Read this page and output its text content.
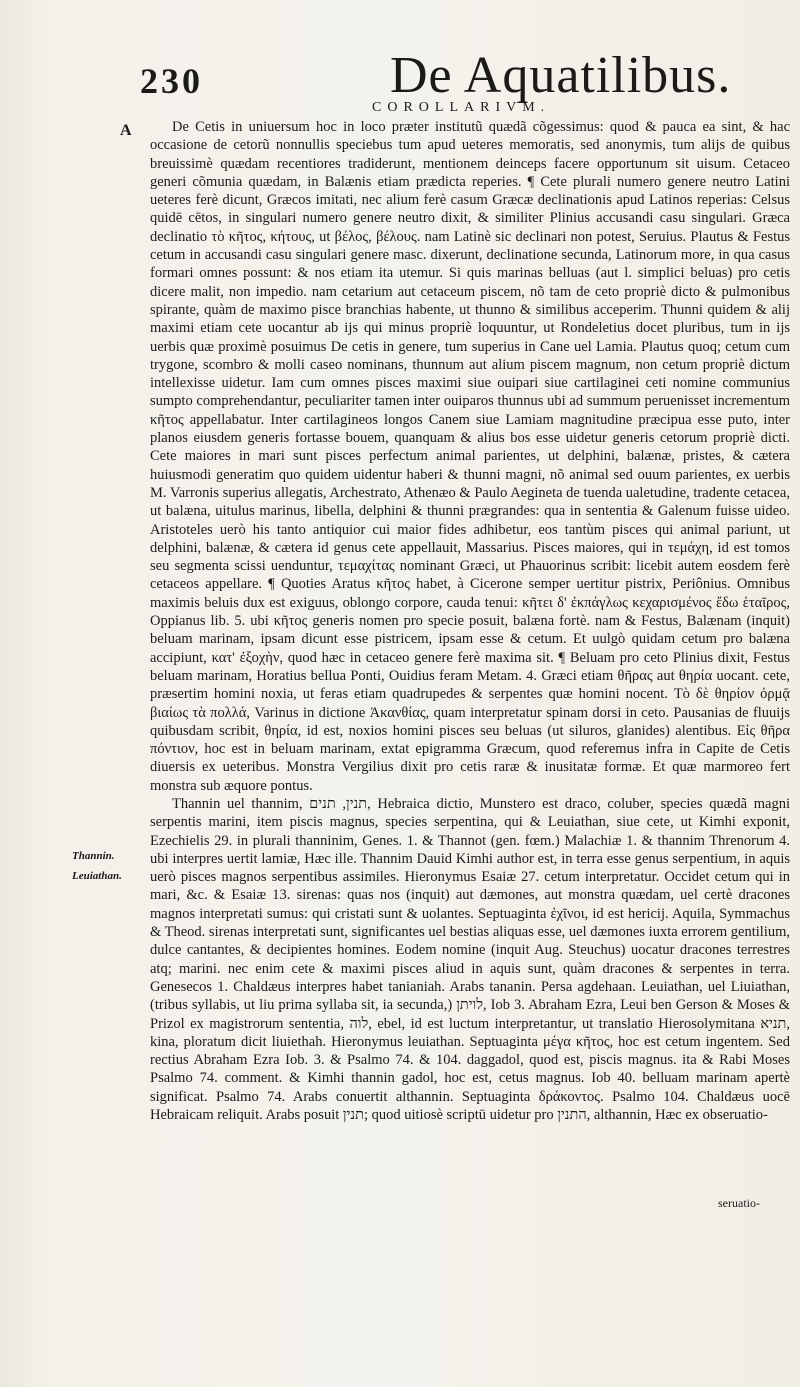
230	De Aquatilibus.
COROLLARIVM.
A
Thannin.
Leuiathan.

De Cetis in uniuersum hoc in loco præter institutũ quædã cõgessimus: quod & pauca ea sint, & hac occasione de cetorũ nonnullis speciebus tum apud ueteres memoratis, sed anonymis, tum alijs de quibus breuissimè quædam recentiores tradiderunt, mentionem deinceps facere opportunum sit uisum. Cetaceo generi cõmunia quædam, in Balænis etiam prædicta reperies. ¶ Cete plurali numero genere neutro Latini ueteres ferè dicunt, Græcos imitati, nec alium ferè casum Græcæ declinationis apud Latinos reperias: Celsus quidē cētos, in singulari numero genere neutro dixit, & similiter Plinius accusandi casu singulari. Græca declinatio τὸ κῆτος, κήτους, ut βέλος, βέλους. nam Latinè sic declinari non potest, Seruius. Plautus & Festus cetum in accusandi casu singulari genere masc. dixerunt, declinatione secunda, Latinorum more, in qua casus formari omnes possunt: & nos etiam ita utemur. Si quis marinas belluas (aut l. simplici beluas) pro cetis dicere malit, non impedio. nam cetarium aut cetaceum piscem, nõ tam de ceto propriè dicto & pulmonibus spirante, quàm de maximo pisce branchias habente, ut thunno & similibus acceperim. Thunni quidem & alij maximi etiam cete uocantur ab ijs qui minus propriè loquuntur, ut Rondeletius docet pluribus, tum in ijs uerbis quæ proximè posuimus De cetis in genere, tum superius in Cane uel Lamia. Plautus quoq; cetum cum trygone, scombro & molli caseo nominans, thunnum aut alium piscem magnum, non cetum propriè dictum intellexisse uidetur. Iam cum omnes pisces maximi siue ouipari siue cartilaginei ceti nomine communius sumpto comprehendantur, peculiariter tamen inter ouiparos thunnus ubi ad summum peruenisset incrementum κῆτος appellabatur. Inter cartilagineos longos Canem siue Lamiam magnitudine præcipua esse puto, inter planos eiusdem generis fortasse bouem, quanquam & alius bos esse uidetur generis cetorum propriè dicti. Cete maiores in mari sunt pisces perfectum animal parientes, ut delphini, balænæ, pristes, & cætera huiusmodi generatim quo quidem uidentur haberi & thunni magni, nõ animal sed ouum parientes, ex uerbis M. Varronis superius allegatis, Archestrato, Athenæo & Paulo Aegineta de tuenda ualetudine, tradente cetacea, ut balæna, uitulus marinus, libella, delphini & thunni prægrandes: qua in sententia & Galenum fuisse uideo. Aristoteles uerò his tanto antiquior cui maior fides adhibetur, eos tantùm pisces qui animal pariunt, ut delphini, balænæ, & cætera id genus cete appellauit, Massarius. Pisces maiores, qui in τεμάχη, id est tomos seu segmenta scissi uenduntur, τεμαχίτας nominant Græci, ut Phauorinus scribit: licebit autem eosdem ferè cetaceos appellare. ¶ Quoties Aratus κῆτος habet, à Cicerone semper uertitur pistrix, Periônius. Omnibus maximis beluis dux est exiguus, oblongo corpore, cauda tenui: κῆτει δ' ἐκπάγλως κεχαρισμένος ἔδω ἑταῖρος, Oppianus lib. 5. ubi κῆτος generis nomen pro specie posuit, balæna fortè. nam & Festus, Balænam (inquit) beluam marinam, ipsam dicunt esse pistricem, ipsam esse & cetum. Et uulgò quidam cetum pro balæna accipiunt, κατ' ἐξοχὴν, quod hæc in cetaceo genere ferè maxima sit. ¶ Beluam pro ceto Plinius dixit, Festus beluam marinam, Horatius bellua Ponti, Ouidius feram Metam. 4. Græci etiam θῆρας aut θηρία uocant. cete, præsertim homini noxia, ut feras etiam quadrupedes & serpentes quæ homini nocent. Τὸ δὲ θηρίον ὀρμᾷ βιαίως τὰ πολλά, Varinus in dictione Ἀκανθίας, quam interpretatur spinam dorsi in ceto. Pausanias de fluuijs quibusdam scribit, θηρία, id est, noxios homini pisces seu beluas (ut siluros, glanides) alentibus. Εἰς θῆρα πόντιον, hoc est in beluam marinam, extat epigramma Græcum, quod referemus infra in Capite de Cetis diuersis ex ueteribus. Monstra Vergilius dixit pro cetis raræ & inusitatæ formæ. Et quæ marmoreo fert monstra sub æquore pontus.

Thannin uel thannim, תנין, תנים, Hebraica dictio, Munstero est draco, coluber, species quædã magni serpentis marini, item piscis magnus, species serpentina, qui & Leuiathan, siue cete, ut Kimhi exponit, Ezechielis 29. in plurali thanninim, Genes. 1. & Thannot (gen. fœm.) Malachiæ 1. & thannim Threnorum 4. ubi interpres uertit lamiæ, Hæc ille. Thannim Dauid Kimhi author est, in terra esse genus serpentium, in aquis uerò pisces magnos serpentibus assimiles. Hieronymus Esaiæ 27. cetum interpretatur. Occidet cetum qui in mari, &c. & Esaiæ 13. sirenas: quas nos (inquit) aut dæmones, aut monstra quædam, uel certè dracones magnos interpretati sumus: qui cristati sunt & uolantes. Septuaginta ἐχῖνοι, id est hericij. Aquila, Symmachus & Theod. sirenas interpretati sunt, significantes uel bestias aliquas esse, uel dæmones iuxta errorem gentilium, dulce cantantes, & decipientes homines. Eodem nomine (inquit Aug. Steuchus) uocatur dracones terrestres atq; marini. nec enim cete & maximi pisces aliud in aquis sunt, quàm dracones & serpentes in terra. Genesecos 1. Chaldæus interpres habet tanianiah. Arabs tananin. Persa agdehaan. Leuiathan, uel Liuiathan, (tribus syllabis, ut liu prima syllaba sit, ia secunda,) לויתן, Iob 3. Abraham Ezra, Leui ben Gerson & Moses & Prizol ex magistrorum sententia, לוה, ebel, id est luctum interpretantur, ut translatio Hierosolymitana תניא, kina, ploratum dicit liuiethah. Hieronymus leuiathan. Septuaginta μέγα κῆτος, hoc est cetum ingentem. Sed rectius Abraham Ezra Iob. 3. & Psalmo 74. & 104. daggadol, quod est, piscis magnus. ita & Rabi Moses Psalmo 74. comment. & Kimhi thannin gadol, hoc est, cetus magnus. Iob 40. belluam marinam apertè significat. Psalmo 74. Arabs conuertit althannin. Septuaginta δράκοντος. Psalmo 104. Chaldæus uocē Hebraicam reliquit. Arabs posuit תנין; quod uitiosè scriptū uidetur pro התנין, althannin, Hæc ex obseruatio-

seruatio-
